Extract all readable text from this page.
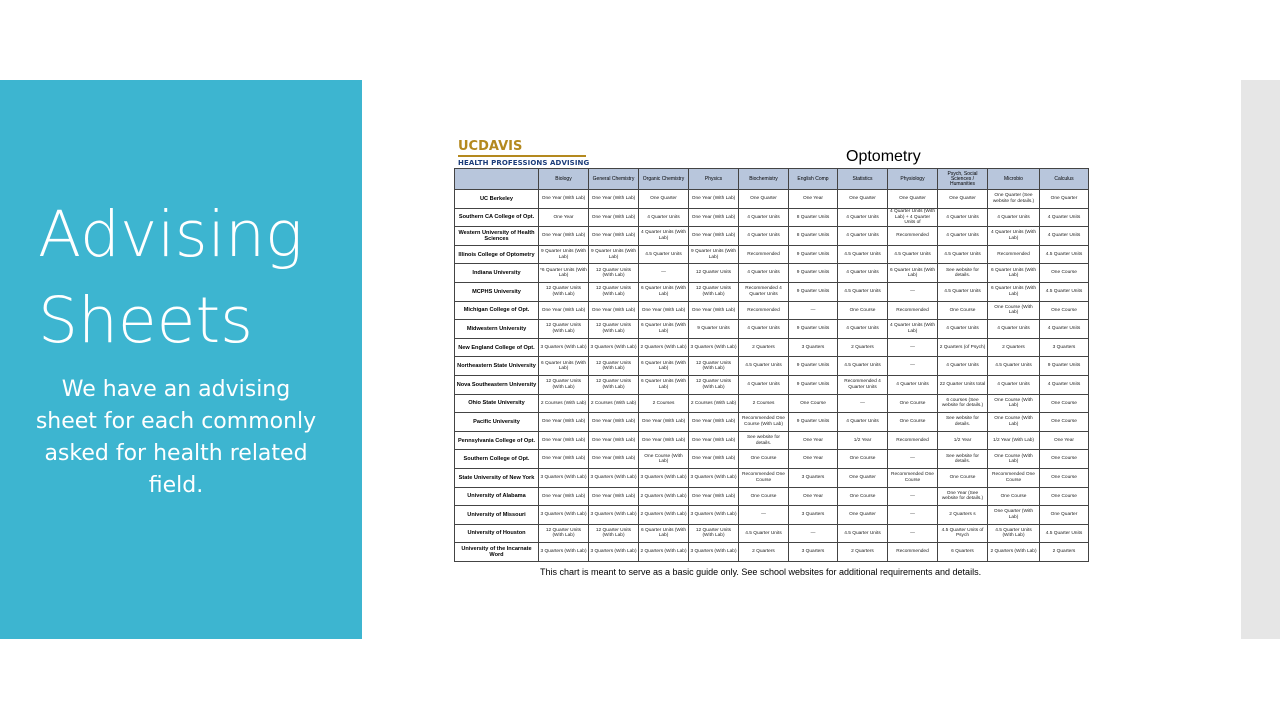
Advising
Sheets
We have an advising sheet for each commonly asked for health related field.
UCDAVIS
HEALTH PROFESSIONS ADVISING	Optometry
	Biology	General Chemistry	Organic Chemistry	Physics	Biochemistry	English Comp	Statistics	Physiology	Psych, Social Sciences / Humanities	Microbio	Calculus
UC Berkeley	One Year (With Lab)	One Year (With Lab)	One Quarter	One Year (With Lab)	One Quarter	One Year	One Quarter	One Quarter	One Quarter	One Quarter (See website for details.)	One Quarter
Southern CA College of Opt.	One Year	One Year (With Lab)	4 Quarter Units	One Year (With Lab)	4 Quarter Units	8 Quarter Units	4 Quarter Units	4 Quarter Units (With Lab) + 4 Quarter Units of	4 Quarter Units	4 Quarter Units	4 Quarter Units
Western University of Health Sciences	One Year (With Lab)	One Year (With Lab)	4 Quarter Units (With Lab)	One Year (With Lab)	4 Quarter Units	8 Quarter Units	4 Quarter Units	Recommended	4 Quarter Units	4 Quarter Units (With Lab)	4 Quarter Units
Illinois College of Optometry	9 Quarter Units (With Lab)	9 Quarter Units (With Lab)	4.5 Quarter Units	9 Quarter Units (With Lab)	Recommended	9 Quarter Units	4.5 Quarter Units	4.5 Quarter Units	4.5 Quarter Units	Recommended	4.5 Quarter Units
Indiana University	*6 Quarter Units (With Lab)	12 Quarter Units (With Lab)	—	12 Quarter Units	4 Quarter Units	9 Quarter Units	4 Quarter Units	6 Quarter Units (With Lab)	See website for details.	6 Quarter Units (With Lab)	One Course
MCPHS University	12 Quarter Units (With Lab)	12 Quarter Units (With Lab)	6 Quarter Units (With Lab)	12 Quarter Units (With Lab)	Recommended 4 Quarter Units	9 Quarter Units	4.5 Quarter Units	—	4.5 Quarter Units	6 Quarter Units (With Lab)	4.5 Quarter Units
Michigan College of Opt.	One Year (With Lab)	One Year (With Lab)	One Year (With Lab)	One Year (With Lab)	Recommended	—	One Course	Recommended	One Course	One Course (With Lab)	One Course
Midwestern University	12 Quarter Units (With Lab)	12 Quarter Units (With Lab)	6 Quarter Units (With Lab)	9 Quarter Units	4 Quarter Units	9 Quarter Units	4 Quarter Units	4 Quarter Units (With Lab)	4 Quarter Units	4 Quarter Units	4 Quarter Units
New England College of Opt.	3 Quarters (With Lab)	3 Quarters (With Lab)	2 Quarters (With Lab)	3 Quarters (With Lab)	2 Quarters	3 Quarters	2 Quarters	—	2 Quarters (of Psych)	2 Quarters	3 Quarters
Northeastern State University	6 Quarter Units (With Lab)	12 Quarter Units (With Lab)	6 Quarter Units (With Lab)	12 Quarter Units (With Lab)	4.5 Quarter Units	9 Quarter Units	4.5 Quarter Units	—	4 Quarter Units	4.5 Quarter Units	9 Quarter Units
Nova Southeastern University	12 Quarter Units (With Lab)	12 Quarter Units (With Lab)	6 Quarter Units (With Lab)	12 Quarter Units (With Lab)	4 Quarter Units	9 Quarter Units	Recommended 4 Quarter Units	4 Quarter Units	22 Quarter Units total	4 Quarter Units	4 Quarter Units
Ohio State University	2 Courses (With Lab)	2 Courses (With Lab)	2 Courses	2 Courses (With Lab)	2 Courses	One Course	—	One Course	6 courses (See website for details.)	One Course (With Lab)	One Course
Pacific University	One Year (With Lab)	One Year (With Lab)	One Year (With Lab)	One Year (With Lab)	Recommended One Course (With Lab)	9 Quarter Units	4 Quarter Units	One Course	See website for details.	One Course (With Lab)	One Course
Pennsylvania College of Opt.	One Year (With Lab)	One Year (With Lab)	One Year (With Lab)	One Year (With Lab)	See website for details.	One Year	1/2 Year	Recommended	1/2 Year	1/2 Year (With Lab)	One Year
Southern College of Opt.	One Year (With Lab)	One Year (With Lab)	One Course (With Lab)	One Year (With Lab)	One Course	One Year	One Course	—	See website for details.	One Course (With Lab)	One Course
State University of New York	3 Quarters (With Lab)	3 Quarters (With Lab)	3 Quarters (With Lab)	3 Quarters (With Lab)	Recommended One Course	3 Quarters	One Quarter	Recommended One Course	One Course	Recommended One Course	One Course
University of Alabama	One Year (With Lab)	One Year (With Lab)	2 Quarters (With Lab)	One Year (With Lab)	One Course	One Year	One Course	—	One Year (See website for details.)	One Course	One Course
University of Missouri	3 Quarters (With Lab)	3 Quarters (With Lab)	2 Quarters (With Lab)	3 Quarters (With Lab)	—	3 Quarters	One Quarter	—	2 Quarters s	One Quarter (With Lab)	One Quarter
University of Houston	12 Quarter Units (With Lab)	12 Quarter Units (With Lab)	6 Quarter Units (With Lab)	12 Quarter Units (With Lab)	4.5 Quarter Units	—	4.5 Quarter Units	—	4.5 Quarter Units of Psych	4.5 Quarter Units (With Lab)	4.5 Quarter Units
University of the Incarnate Word	3 Quarters (With Lab)	3 Quarters (With Lab)	2 Quarters (With Lab)	3 Quarters (With Lab)	2 Quarters	3 Quarters	2 Quarters	Recommended	6 Quarters	2 Quarters (With Lab)	2 Quarters
This chart is meant to serve as a basic guide only. See school websites for additional requirements and details.
